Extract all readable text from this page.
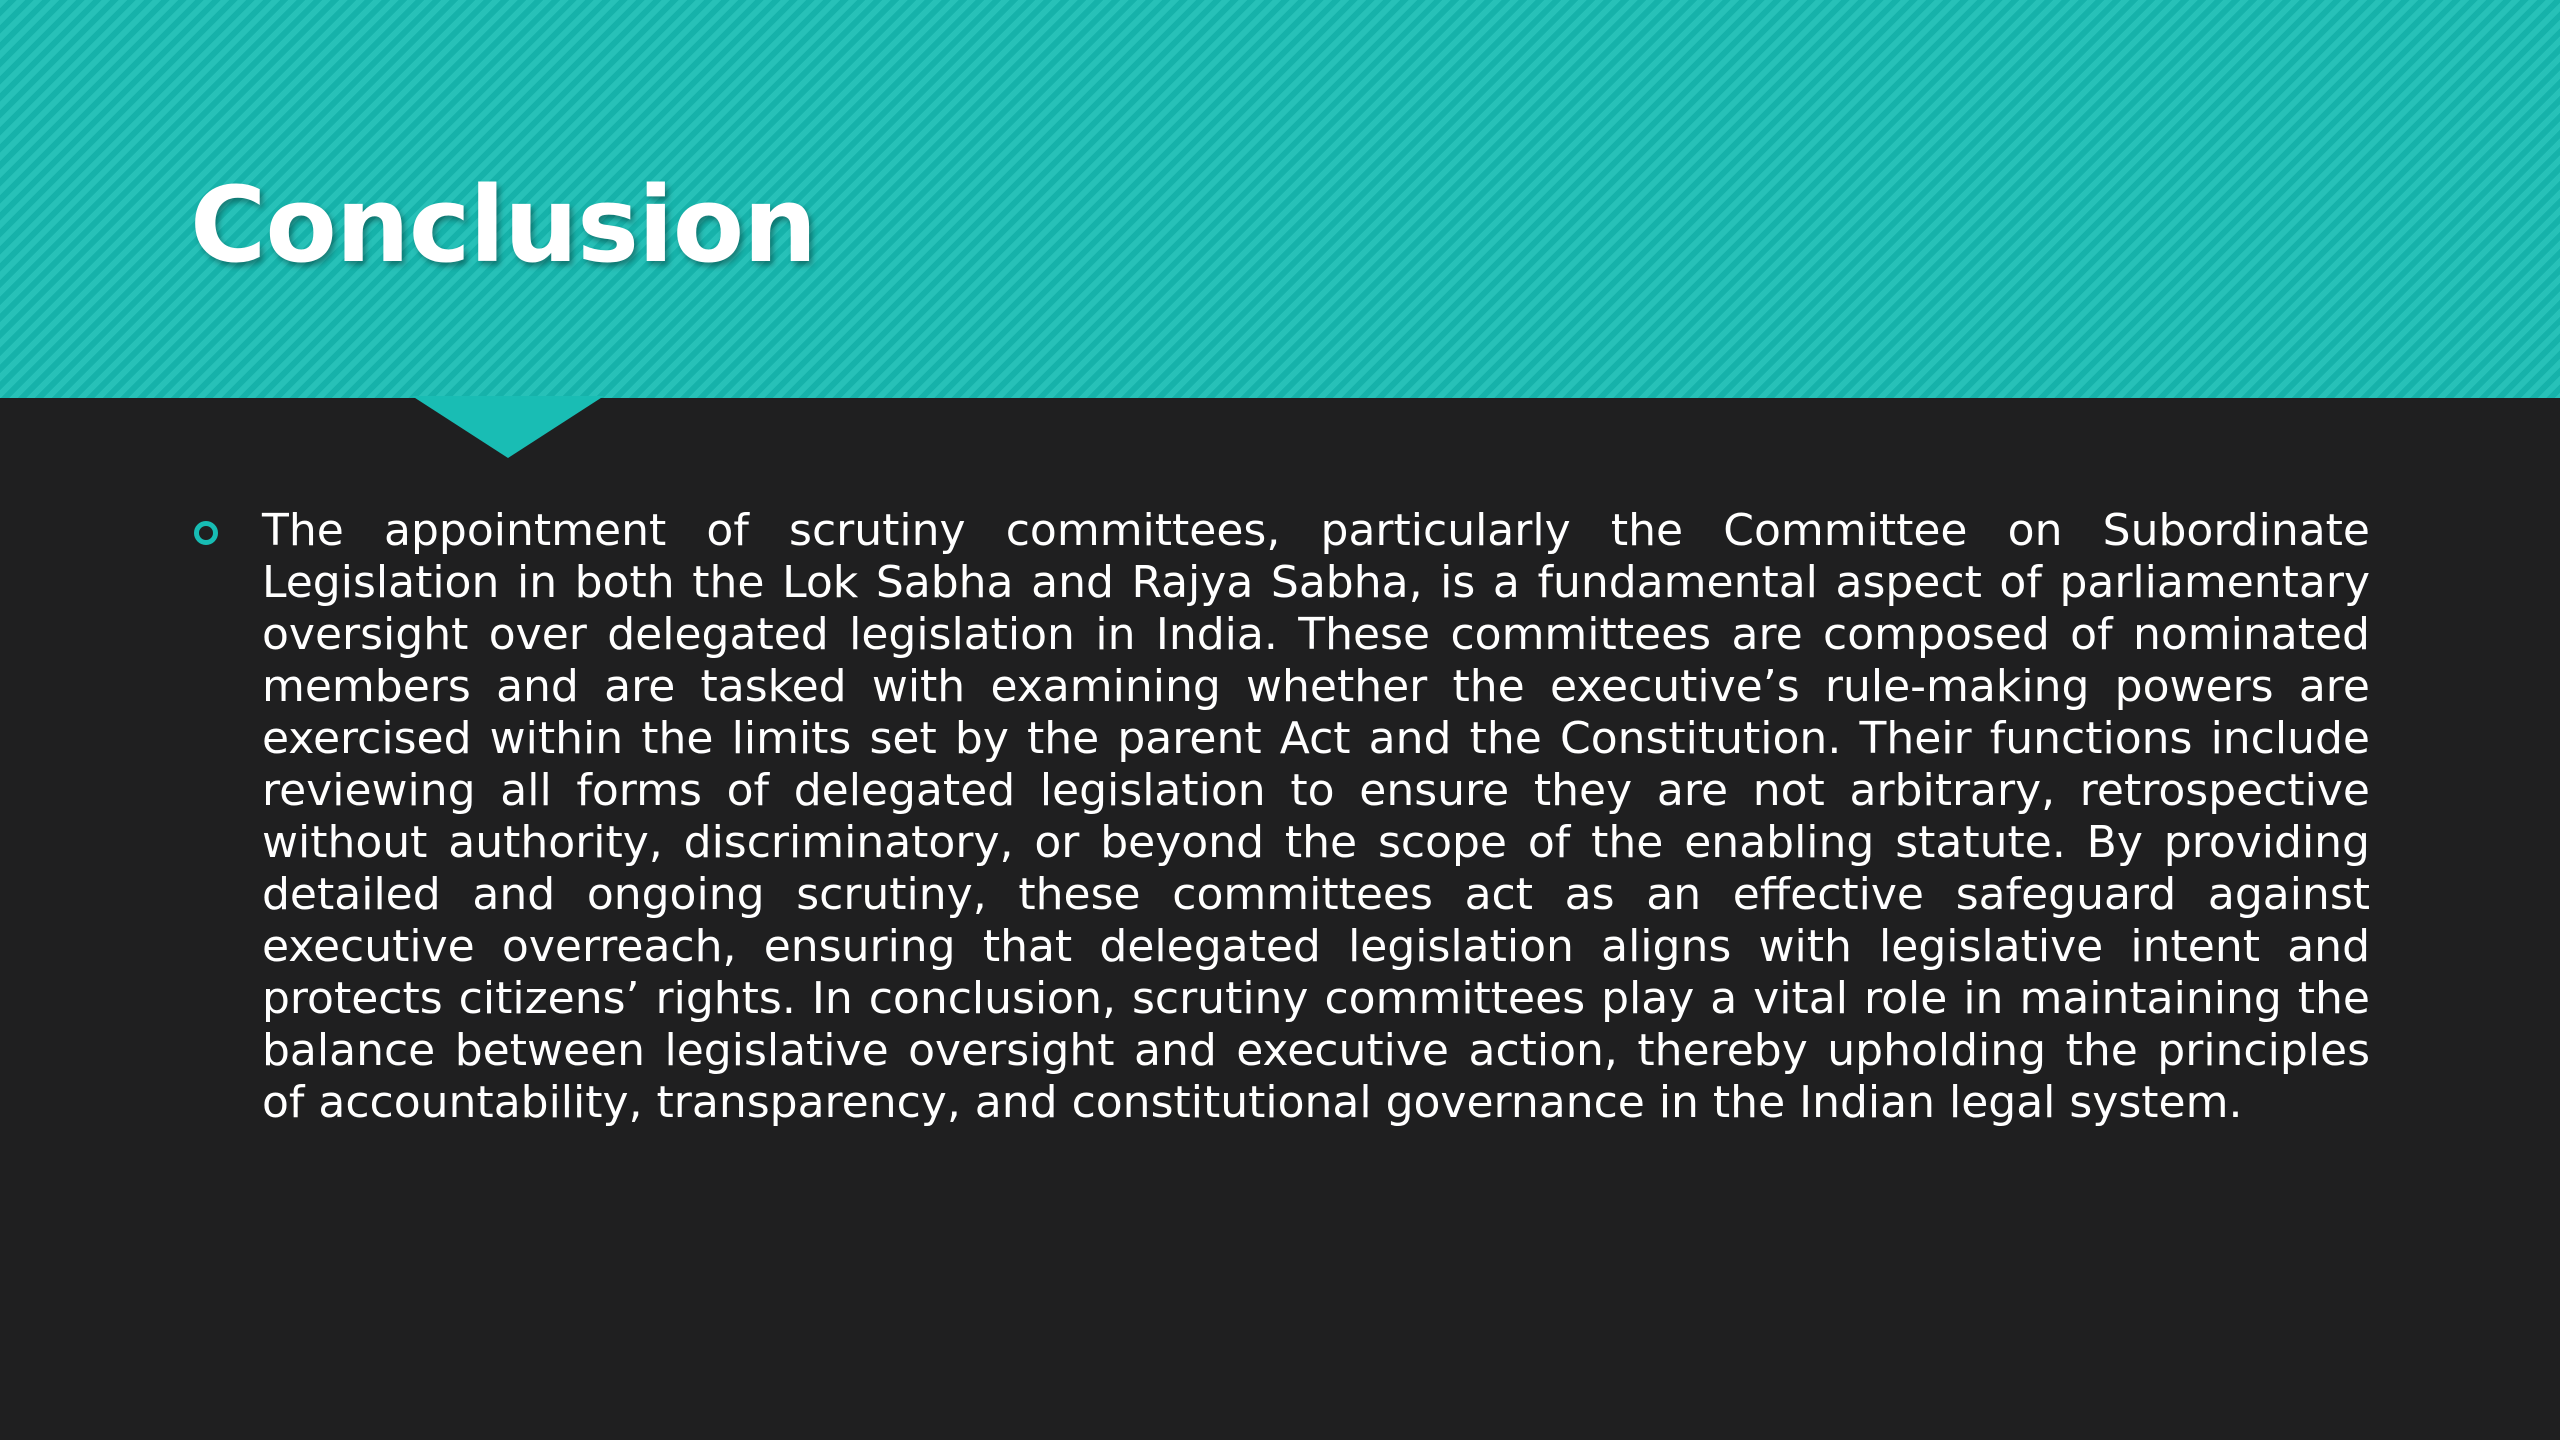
Conclusion

The appointment of scrutiny committees, particularly the Committee on Subordinate Legislation in both the Lok Sabha and Rajya Sabha, is a fundamental aspect of parliamentary oversight over delegated legislation in India. These committees are composed of nominated members and are tasked with examining whether the executive’s rule-making powers are exercised within the limits set by the parent Act and the Constitution. Their functions include reviewing all forms of delegated legislation to ensure they are not arbitrary, retrospective without authority, discriminatory, or beyond the scope of the enabling statute. By providing detailed and ongoing scrutiny, these committees act as an effective safeguard against executive overreach, ensuring that delegated legislation aligns with legislative intent and protects citizens’ rights. In conclusion, scrutiny committees play a vital role in maintaining the balance between legislative oversight and executive action, thereby upholding the principles of accountability, transparency, and constitutional governance in the Indian legal system.
